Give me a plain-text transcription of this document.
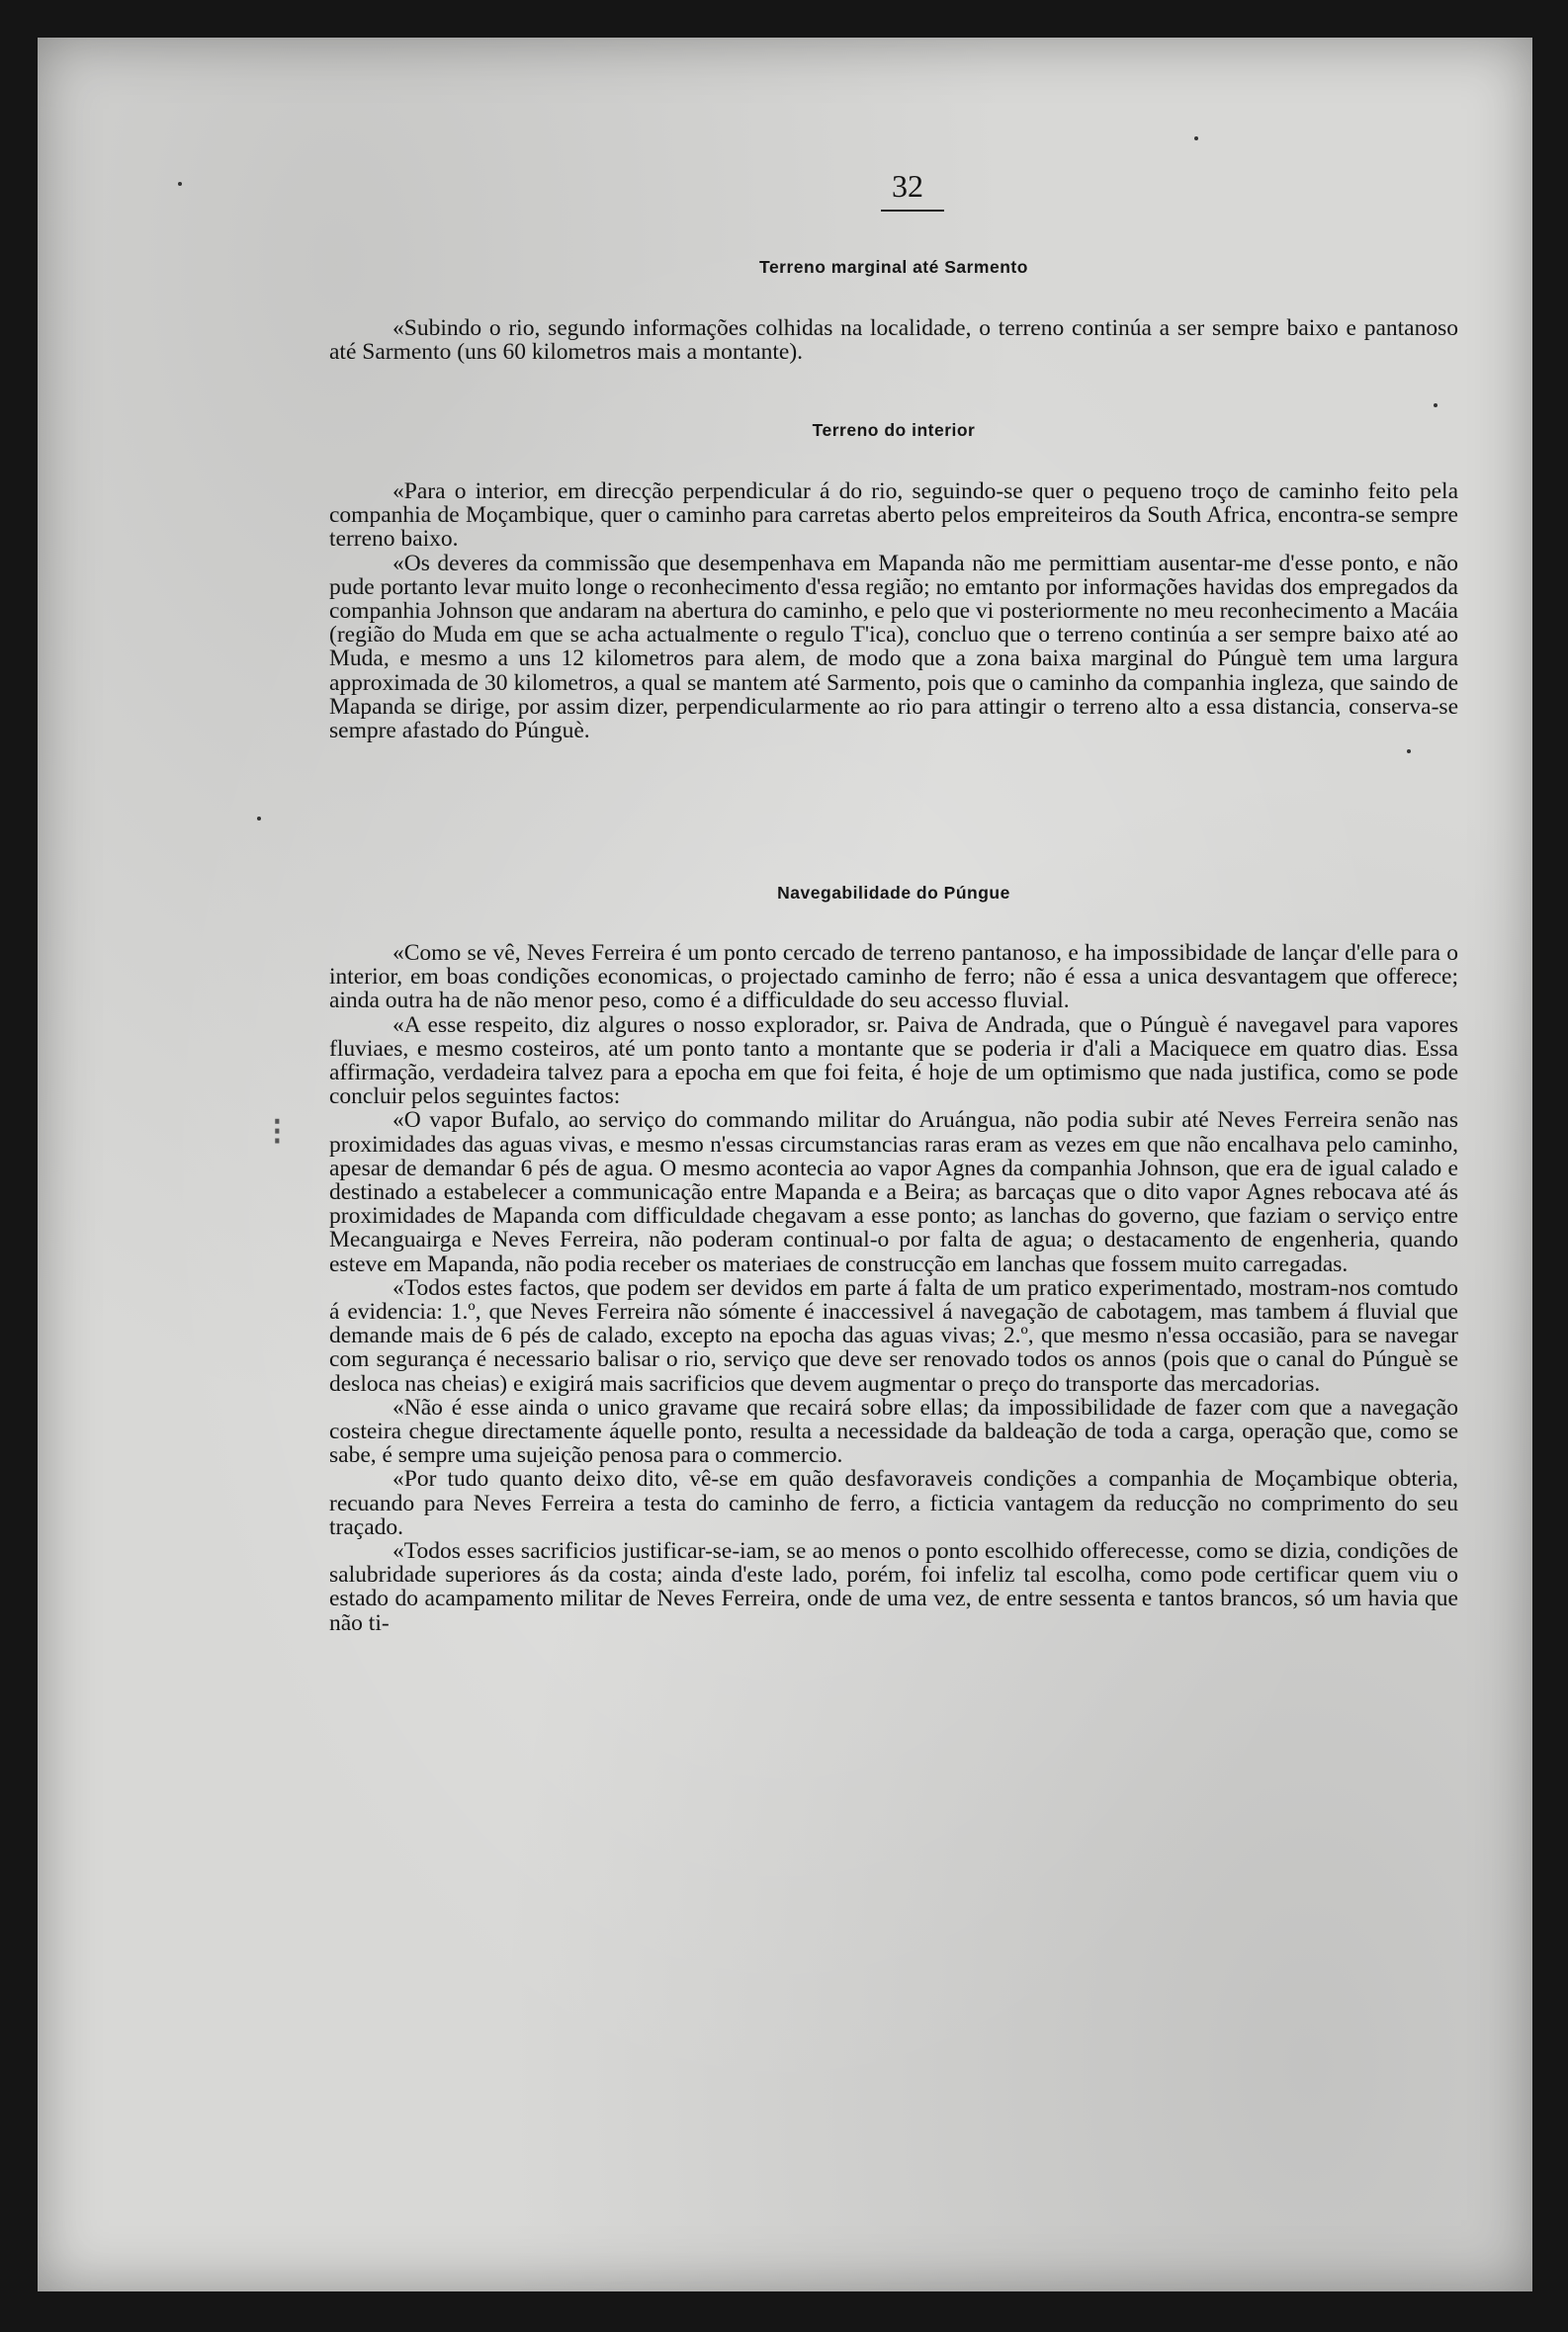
32
Terreno marginal até Sarmento

«Subindo o rio, segundo informações colhidas na localidade, o terreno continúa a ser sempre baixo e pantanoso até Sarmento (uns 60 kilometros mais a montante).

Terreno do interior

«Para o interior, em direcção perpendicular á do rio, seguindo-se quer o pequeno troço de caminho feito pela companhia de Moçambique, quer o caminho para carretas aberto pelos empreiteiros da South Africa, encontra-se sempre terreno baixo.

«Os deveres da commissão que desempenhava em Mapanda não me permittiam ausentar-me d'esse ponto, e não pude portanto levar muito longe o reconhecimento d'essa região; no emtanto por informações havidas dos empregados da companhia Johnson que andaram na abertura do caminho, e pelo que vi posteriormente no meu reconhecimento a Macáia (região do Muda em que se acha actualmente o regulo T'ica), concluo que o terreno continúa a ser sempre baixo até ao Muda, e mesmo a uns 12 kilometros para alem, de modo que a zona baixa marginal do Púnguè tem uma largura approximada de 30 kilometros, a qual se mantem até Sarmento, pois que o caminho da companhia ingleza, que saindo de Mapanda se dirige, por assim dizer, perpendicularmente ao rio para attingir o terreno alto a essa distancia, conserva-se sempre afastado do Púnguè.

Navegabilidade do Púngue

«Como se vê, Neves Ferreira é um ponto cercado de terreno pantanoso, e ha impossibidade de lançar d'elle para o interior, em boas condições economicas, o projectado caminho de ferro; não é essa a unica desvantagem que offerece; ainda outra ha de não menor peso, como é a difficuldade do seu accesso fluvial.

«A esse respeito, diz algures o nosso explorador, sr. Paiva de Andrada, que o Púnguè é navegavel para vapores fluviaes, e mesmo costeiros, até um ponto tanto a montante que se poderia ir d'ali a Maciquece em quatro dias. Essa affirmação, verdadeira talvez para a epocha em que foi feita, é hoje de um optimismo que nada justifica, como se pode concluir pelos seguintes factos:

«O vapor Bufalo, ao serviço do commando militar do Aruángua, não podia subir até Neves Ferreira senão nas proximidades das aguas vivas, e mesmo n'essas circumstancias raras eram as vezes em que não encalhava pelo caminho, apesar de demandar 6 pés de agua. O mesmo acontecia ao vapor Agnes da companhia Johnson, que era de igual calado e destinado a estabelecer a communicação entre Mapanda e a Beira; as barcaças que o dito vapor Agnes rebocava até ás proximidades de Mapanda com difficuldade chegavam a esse ponto; as lanchas do governo, que faziam o serviço entre Mecanguairga e Neves Ferreira, não poderam continual-o por falta de agua; o destacamento de engenheria, quando esteve em Mapanda, não podia receber os materiaes de construcção em lanchas que fossem muito carregadas.

«Todos estes factos, que podem ser devidos em parte á falta de um pratico experimentado, mostram-nos comtudo á evidencia: 1.º, que Neves Ferreira não sómente é inaccessivel á navegação de cabotagem, mas tambem á fluvial que demande mais de 6 pés de calado, excepto na epocha das aguas vivas; 2.º, que mesmo n'essa occasião, para se navegar com segurança é necessario balisar o rio, serviço que deve ser renovado todos os annos (pois que o canal do Púnguè se desloca nas cheias) e exigirá mais sacrificios que devem augmentar o preço do transporte das mercadorias.

«Não é esse ainda o unico gravame que recairá sobre ellas; da impossibilidade de fazer com que a navegação costeira chegue directamente áquelle ponto, resulta a necessidade da baldeação de toda a carga, operação que, como se sabe, é sempre uma sujeição penosa para o commercio.

«Por tudo quanto deixo dito, vê-se em quão desfavoraveis condições a companhia de Moçambique obteria, recuando para Neves Ferreira a testa do caminho de ferro, a ficticia vantagem da reducção no comprimento do seu traçado.

«Todos esses sacrificios justificar-se-iam, se ao menos o ponto escolhido offerecesse, como se dizia, condições de salubridade superiores ás da costa; ainda d'este lado, porém, foi infeliz tal escolha, como pode certificar quem viu o estado do acampamento militar de Neves Ferreira, onde de uma vez, de entre sessenta e tantos brancos, só um havia que não ti-

⁝
